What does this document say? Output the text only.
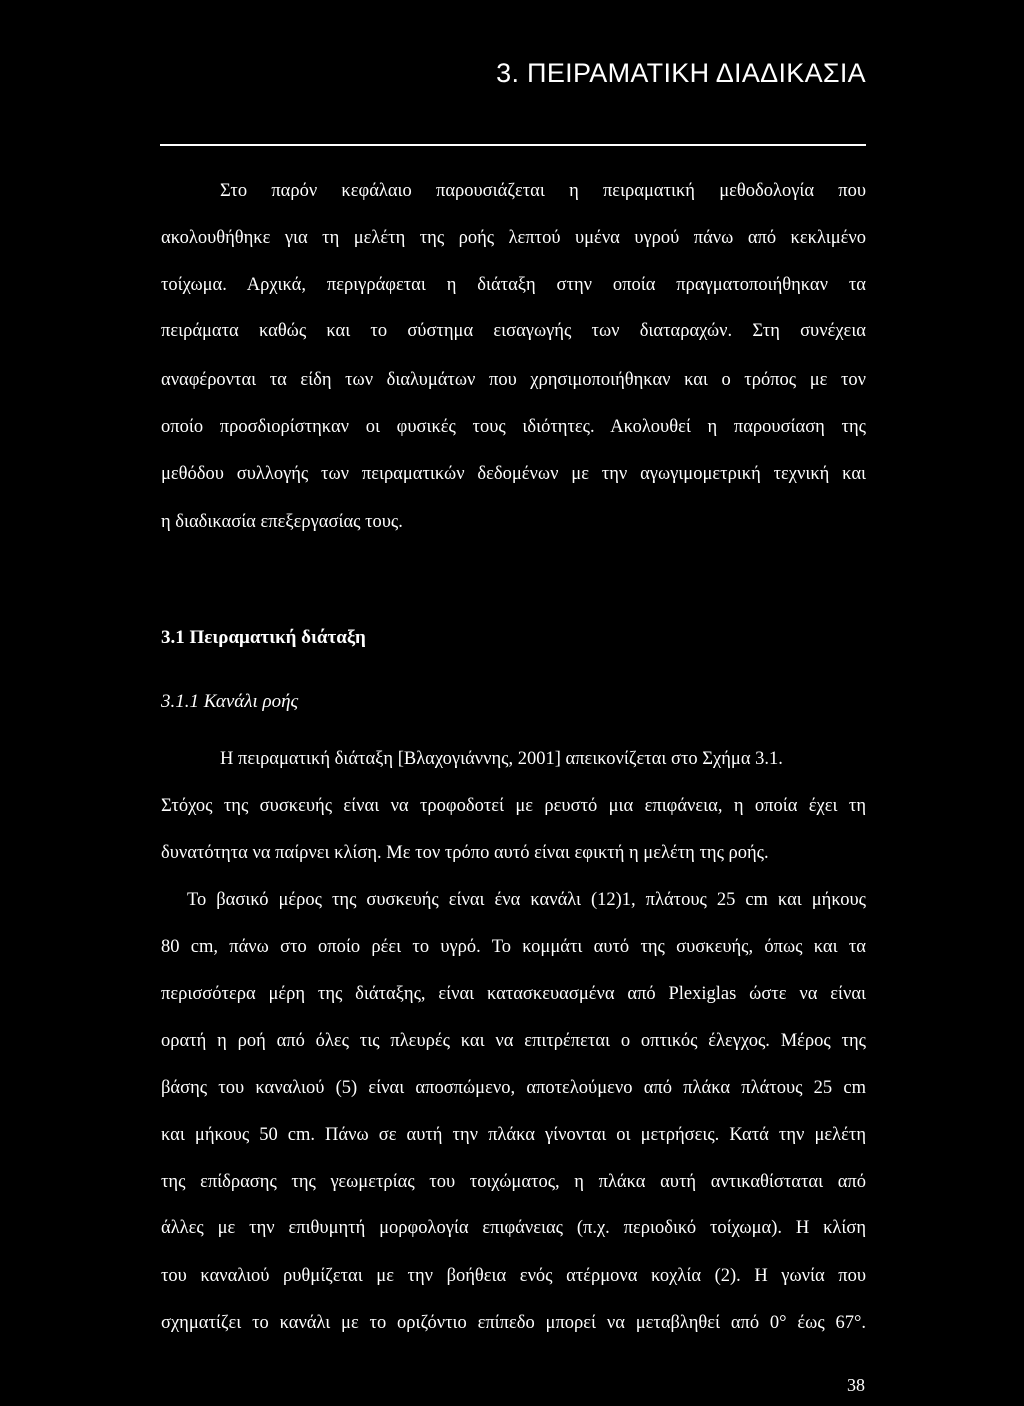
3. ΠΕΙΡΑΜΑΤΙΚΗ ΔΙΑΔΙΚΑΣΙΑ
Στο παρόν κεφάλαιο παρουσιάζεται η πειραματική μεθοδολογία που
ακολουθήθηκε για τη μελέτη της ροής λεπτού υμένα υγρού πάνω από κεκλιμένο
τοίχωμα. Αρχικά, περιγράφεται η διάταξη στην οποία πραγματοποιήθηκαν τα
πειράματα καθώς και το σύστημα εισαγωγής των διαταραχών. Στη συνέχεια
αναφέρονται τα είδη των διαλυμάτων που χρησιμοποιήθηκαν και ο τρόπος με τον
οποίο προσδιορίστηκαν οι φυσικές τους ιδιότητες. Ακολουθεί η παρουσίαση της
μεθόδου συλλογής των πειραματικών δεδομένων με την αγωγιμομετρική τεχνική και
η διαδικασία επεξεργασίας τους.
3.1 Πειραματική διάταξη
3.1.1 Κανάλι ροής
Η πειραματική διάταξη [Βλαχογιάννης, 2001] απεικονίζεται στο Σχήμα 3.1.
Στόχος της συσκευής είναι να τροφοδοτεί με ρευστό μια επιφάνεια, η οποία έχει τη
δυνατότητα να παίρνει κλίση. Με τον τρόπο αυτό είναι εφικτή η μελέτη της ροής.
Το βασικό μέρος της συσκευής είναι ένα κανάλι (12)1, πλάτους 25 cm και μήκους
80 cm, πάνω στο οποίο ρέει το υγρό. Το κομμάτι αυτό της συσκευής, όπως και τα
περισσότερα μέρη της διάταξης, είναι κατασκευασμένα από Plexiglas ώστε να είναι
ορατή η ροή από όλες τις πλευρές και να επιτρέπεται ο οπτικός έλεγχος. Μέρος της
βάσης του καναλιού (5) είναι αποσπώμενο, αποτελούμενο από πλάκα πλάτους 25 cm
και μήκους 50 cm. Πάνω σε αυτή την πλάκα γίνονται οι μετρήσεις. Κατά την μελέτη
της επίδρασης της γεωμετρίας του τοιχώματος, η πλάκα αυτή αντικαθίσταται από
άλλες με την επιθυμητή μορφολογία επιφάνειας (π.χ. περιοδικό τοίχωμα). Η κλίση
του καναλιού ρυθμίζεται με την βοήθεια ενός ατέρμονα κοχλία (2). Η γωνία που
σχηματίζει το κανάλι με το οριζόντιο επίπεδο μπορεί να μεταβληθεί από 0° έως 67°.
38
